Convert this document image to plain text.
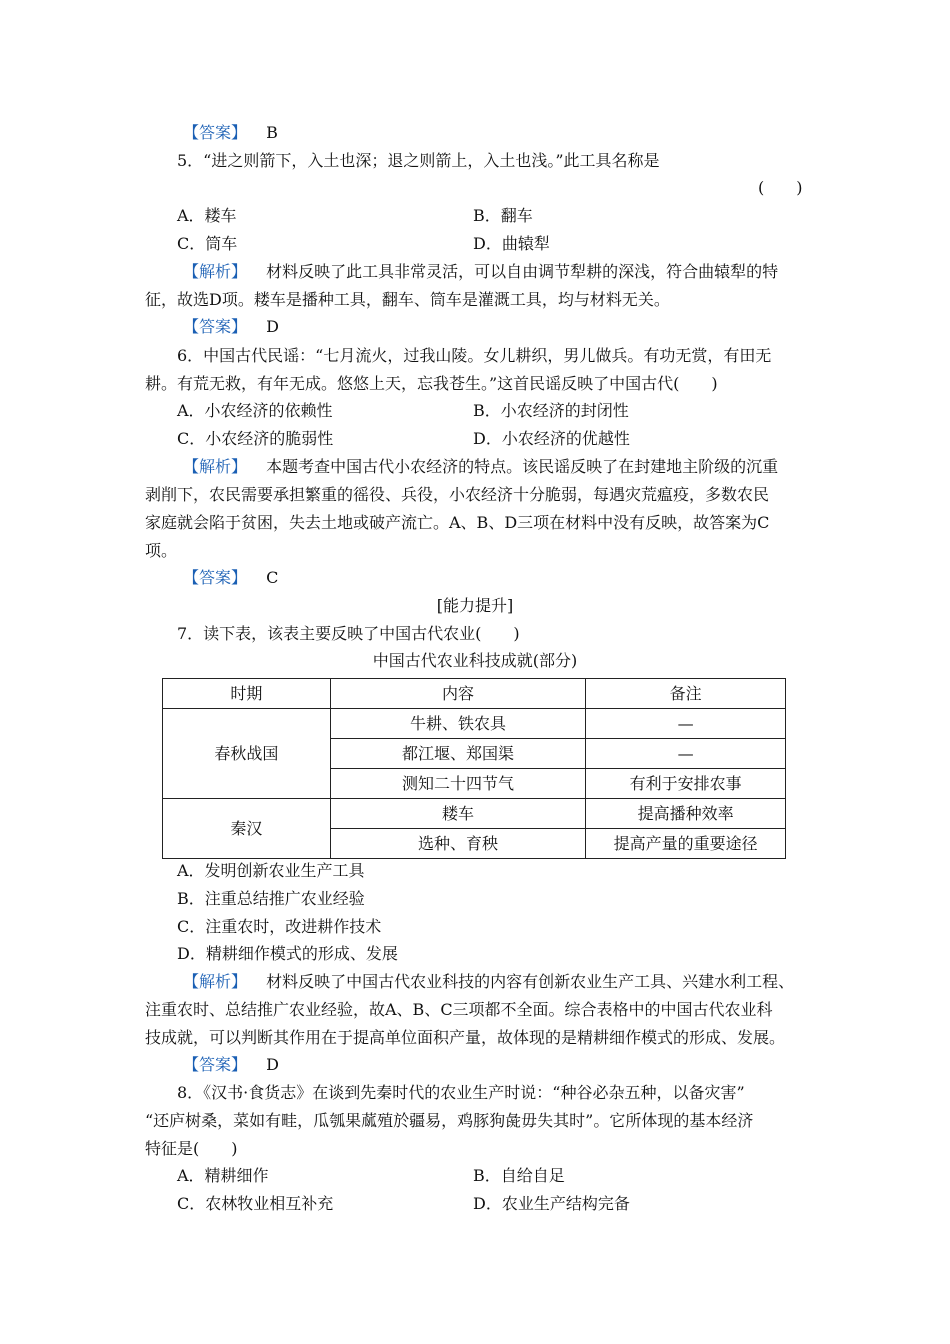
【答案】 B
5．“进之则箭下，入土也深；退之则箭上，入土也浅。”此工具名称是
(　　)
A．耧车	B．翻车
C．筒车	D．曲辕犁
【解析】 材料反映了此工具非常灵活，可以自由调节犁耕的深浅，符合曲辕犁的特
征，故选D项。耧车是播种工具，翻车、筒车是灌溉工具，均与材料无关。
【答案】 D
6．中国古代民谣：“七月流火，过我山陵。女儿耕织，男儿做兵。有功无赏，有田无
耕。有荒无救，有年无成。悠悠上天，忘我苍生。”这首民谣反映了中国古代(　　)
A．小农经济的依赖性	B．小农经济的封闭性
C．小农经济的脆弱性	D．小农经济的优越性
【解析】 本题考查中国古代小农经济的特点。该民谣反映了在封建地主阶级的沉重
剥削下，农民需要承担繁重的徭役、兵役，小农经济十分脆弱，每遇灾荒瘟疫，多数农民
家庭就会陷于贫困，失去土地或破产流亡。A、B、D三项在材料中没有反映，故答案为C
项。
【答案】 C
[能力提升]
7．读下表，该表主要反映了中国古代农业(　　)
中国古代农业科技成就(部分)
时期	内容	备注
春秋战国	牛耕、铁农具	—
	都江堰、郑国渠	—
	测知二十四节气	有利于安排农事
秦汉	耧车	提高播种效率
	选种、育秧	提高产量的重要途径
A．发明创新农业生产工具
B．注重总结推广农业经验
C．注重农时，改进耕作技术
D．精耕细作模式的形成、发展
【解析】 材料反映了中国古代农业科技的内容有创新农业生产工具、兴建水利工程、
注重农时、总结推广农业经验，故A、B、C三项都不全面。综合表格中的中国古代农业科
技成就，可以判断其作用在于提高单位面积产量，故体现的是精耕细作模式的形成、发展。
【答案】 D
8．《汉书·食货志》在谈到先秦时代的农业生产时说：“种谷必杂五种，以备灾害”
“还庐树桑，菜如有畦，瓜瓠果蓏殖於疆易，鸡豚狗彘毋失其时”。它所体现的基本经济
特征是(　　)
A．精耕细作	B．自给自足
C．农林牧业相互补充	D．农业生产结构完备
